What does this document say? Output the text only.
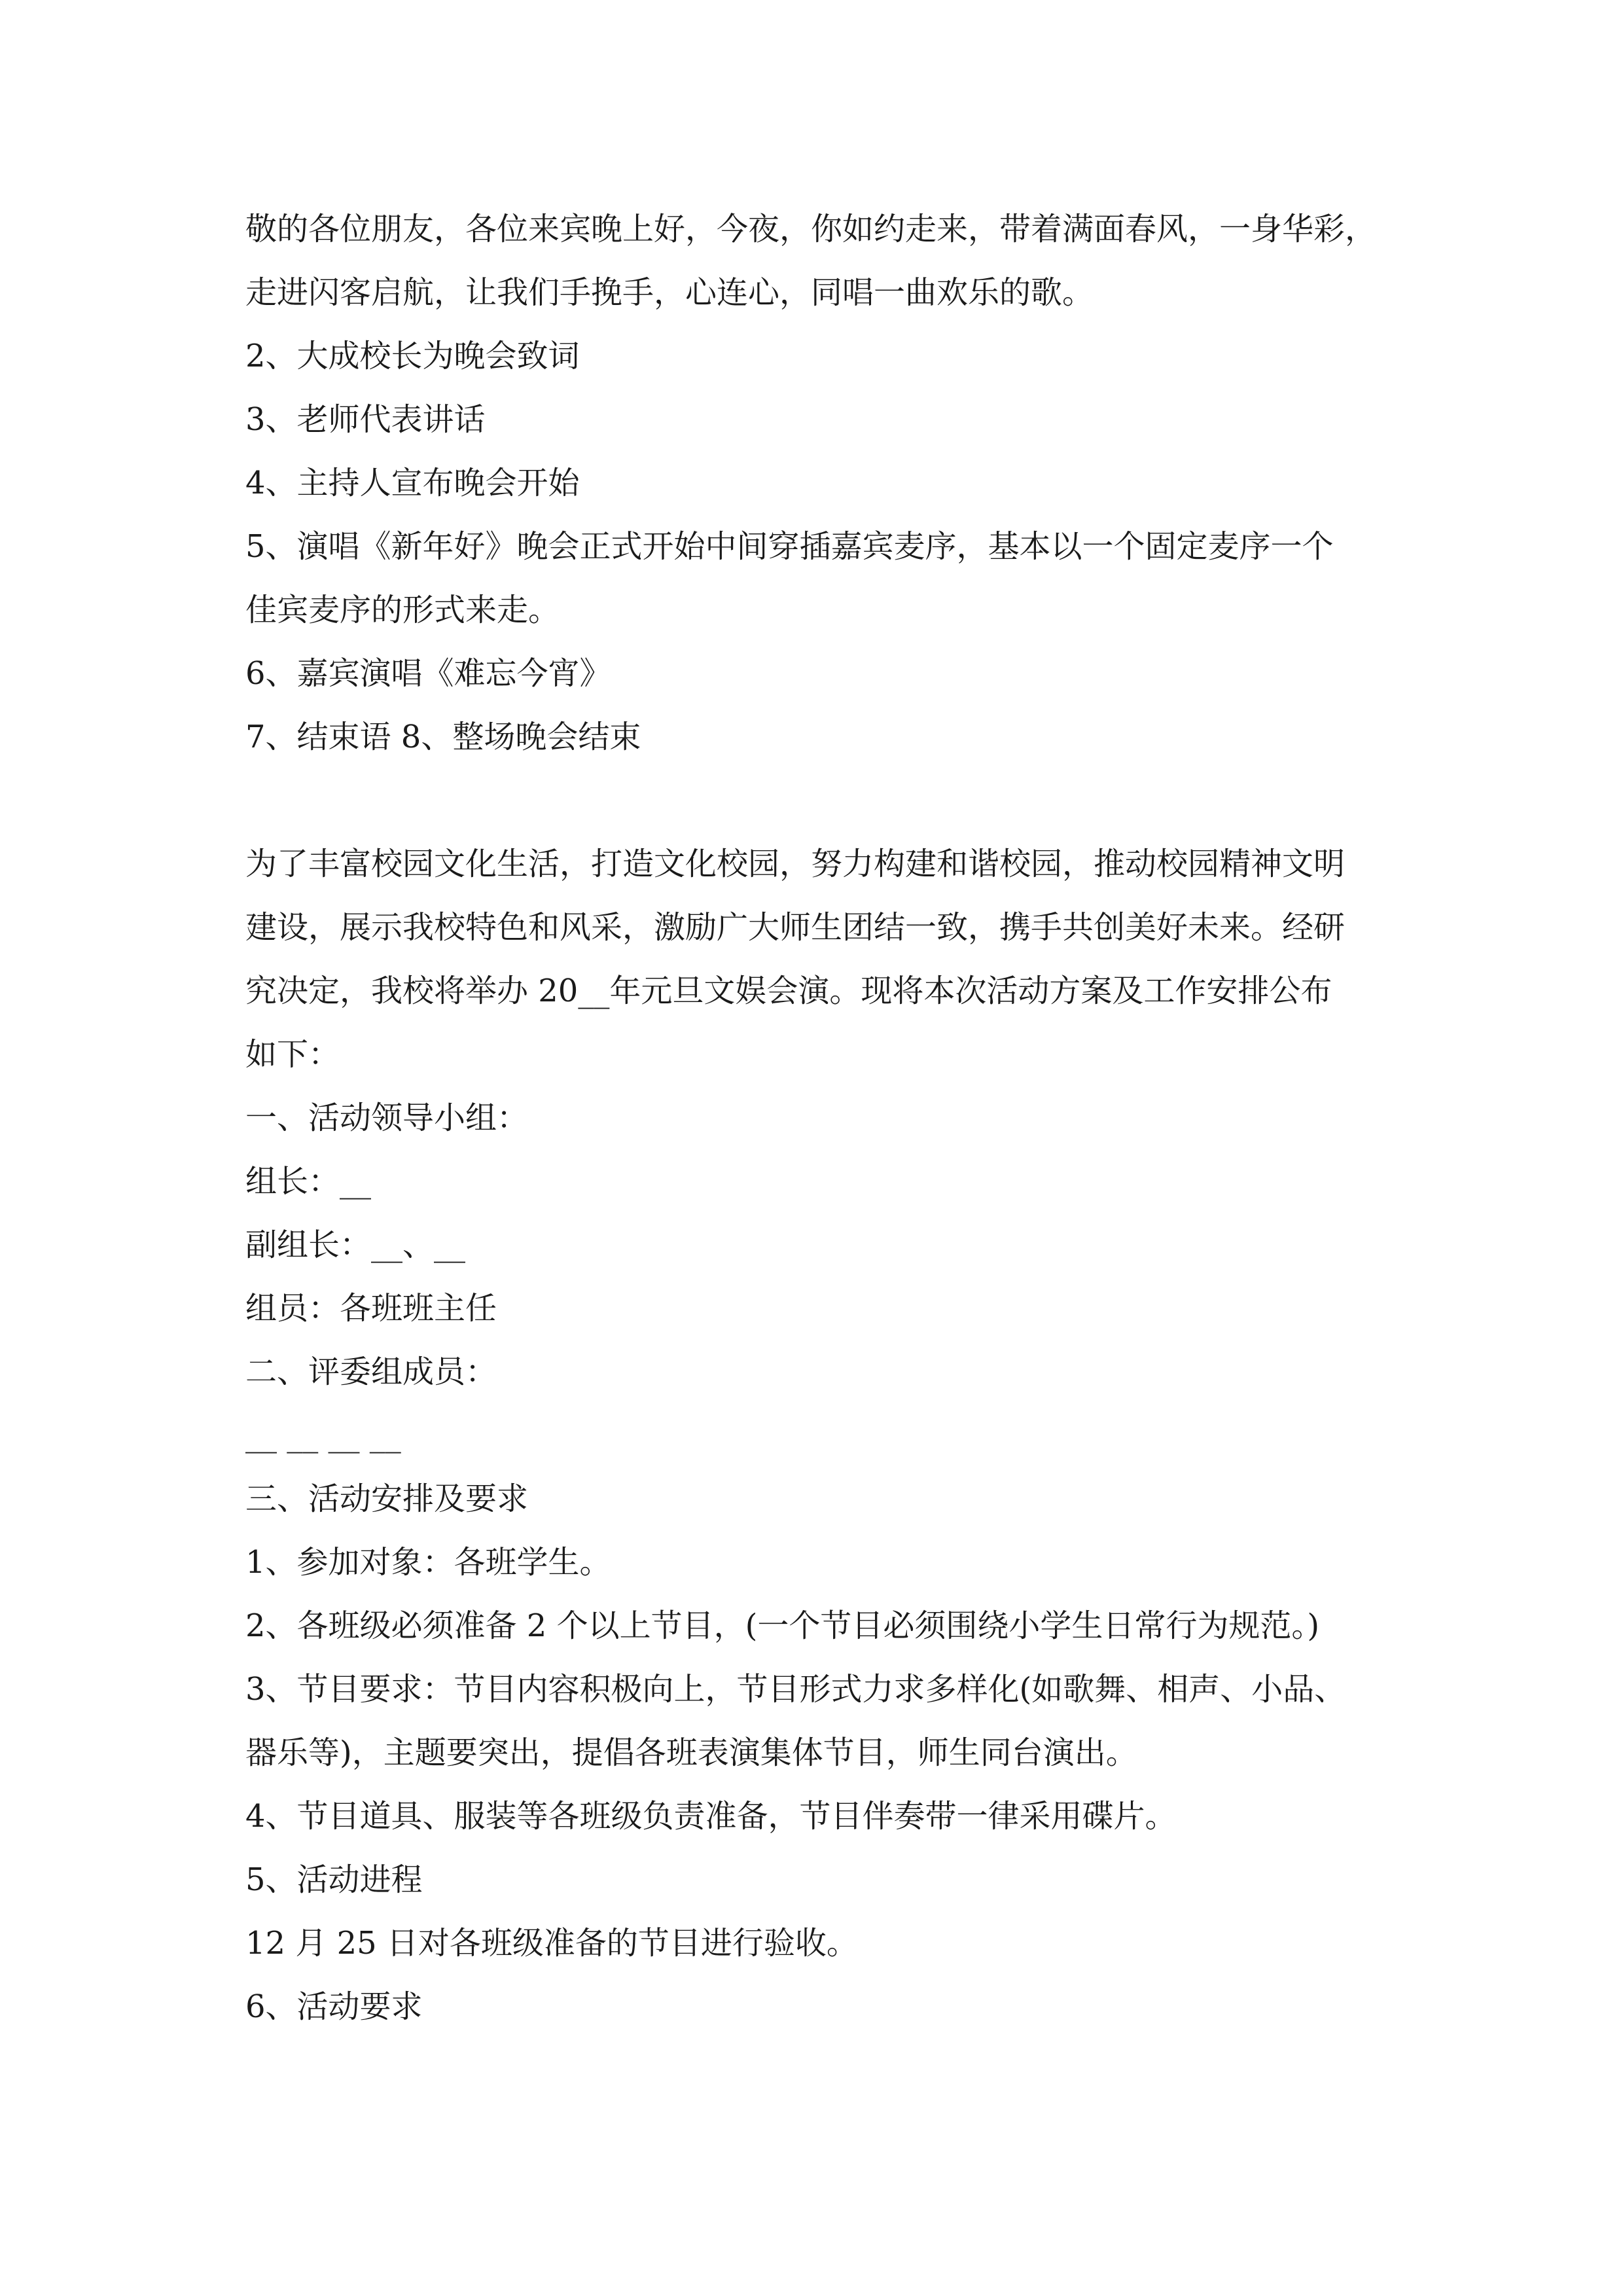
敬的各位朋友，各位来宾晚上好，今夜，你如约走来，带着满面春风，一身华彩，
走进闪客启航，让我们手挽手，心连心，同唱一曲欢乐的歌。
2、大成校长为晚会致词
3、老师代表讲话
4、主持人宣布晚会开始
5、演唱《新年好》晚会正式开始中间穿插嘉宾麦序，基本以一个固定麦序一个
佳宾麦序的形式来走。
6、嘉宾演唱《难忘今宵》
7、结束语 8、整场晚会结束
为了丰富校园文化生活，打造文化校园，努力构建和谐校园，推动校园精神文明
建设，展示我校特色和风采，激励广大师生团结一致，携手共创美好未来。经研
究决定，我校将举办 20__年元旦文娱会演。现将本次活动方案及工作安排公布
如下：
一、活动领导小组：
组长：__
副组长：__、__
组员：各班班主任
二、评委组成员：
__ __ __ __
三、活动安排及要求
1、参加对象：各班学生。
2、各班级必须准备 2 个以上节目，(一个节目必须围绕小学生日常行为规范。)
3、节目要求：节目内容积极向上，节目形式力求多样化(如歌舞、相声、小品、
器乐等)，主题要突出，提倡各班表演集体节目，师生同台演出。
4、节目道具、服装等各班级负责准备，节目伴奏带一律采用碟片。
5、活动进程
12 月 25 日对各班级准备的节目进行验收。
6、活动要求
